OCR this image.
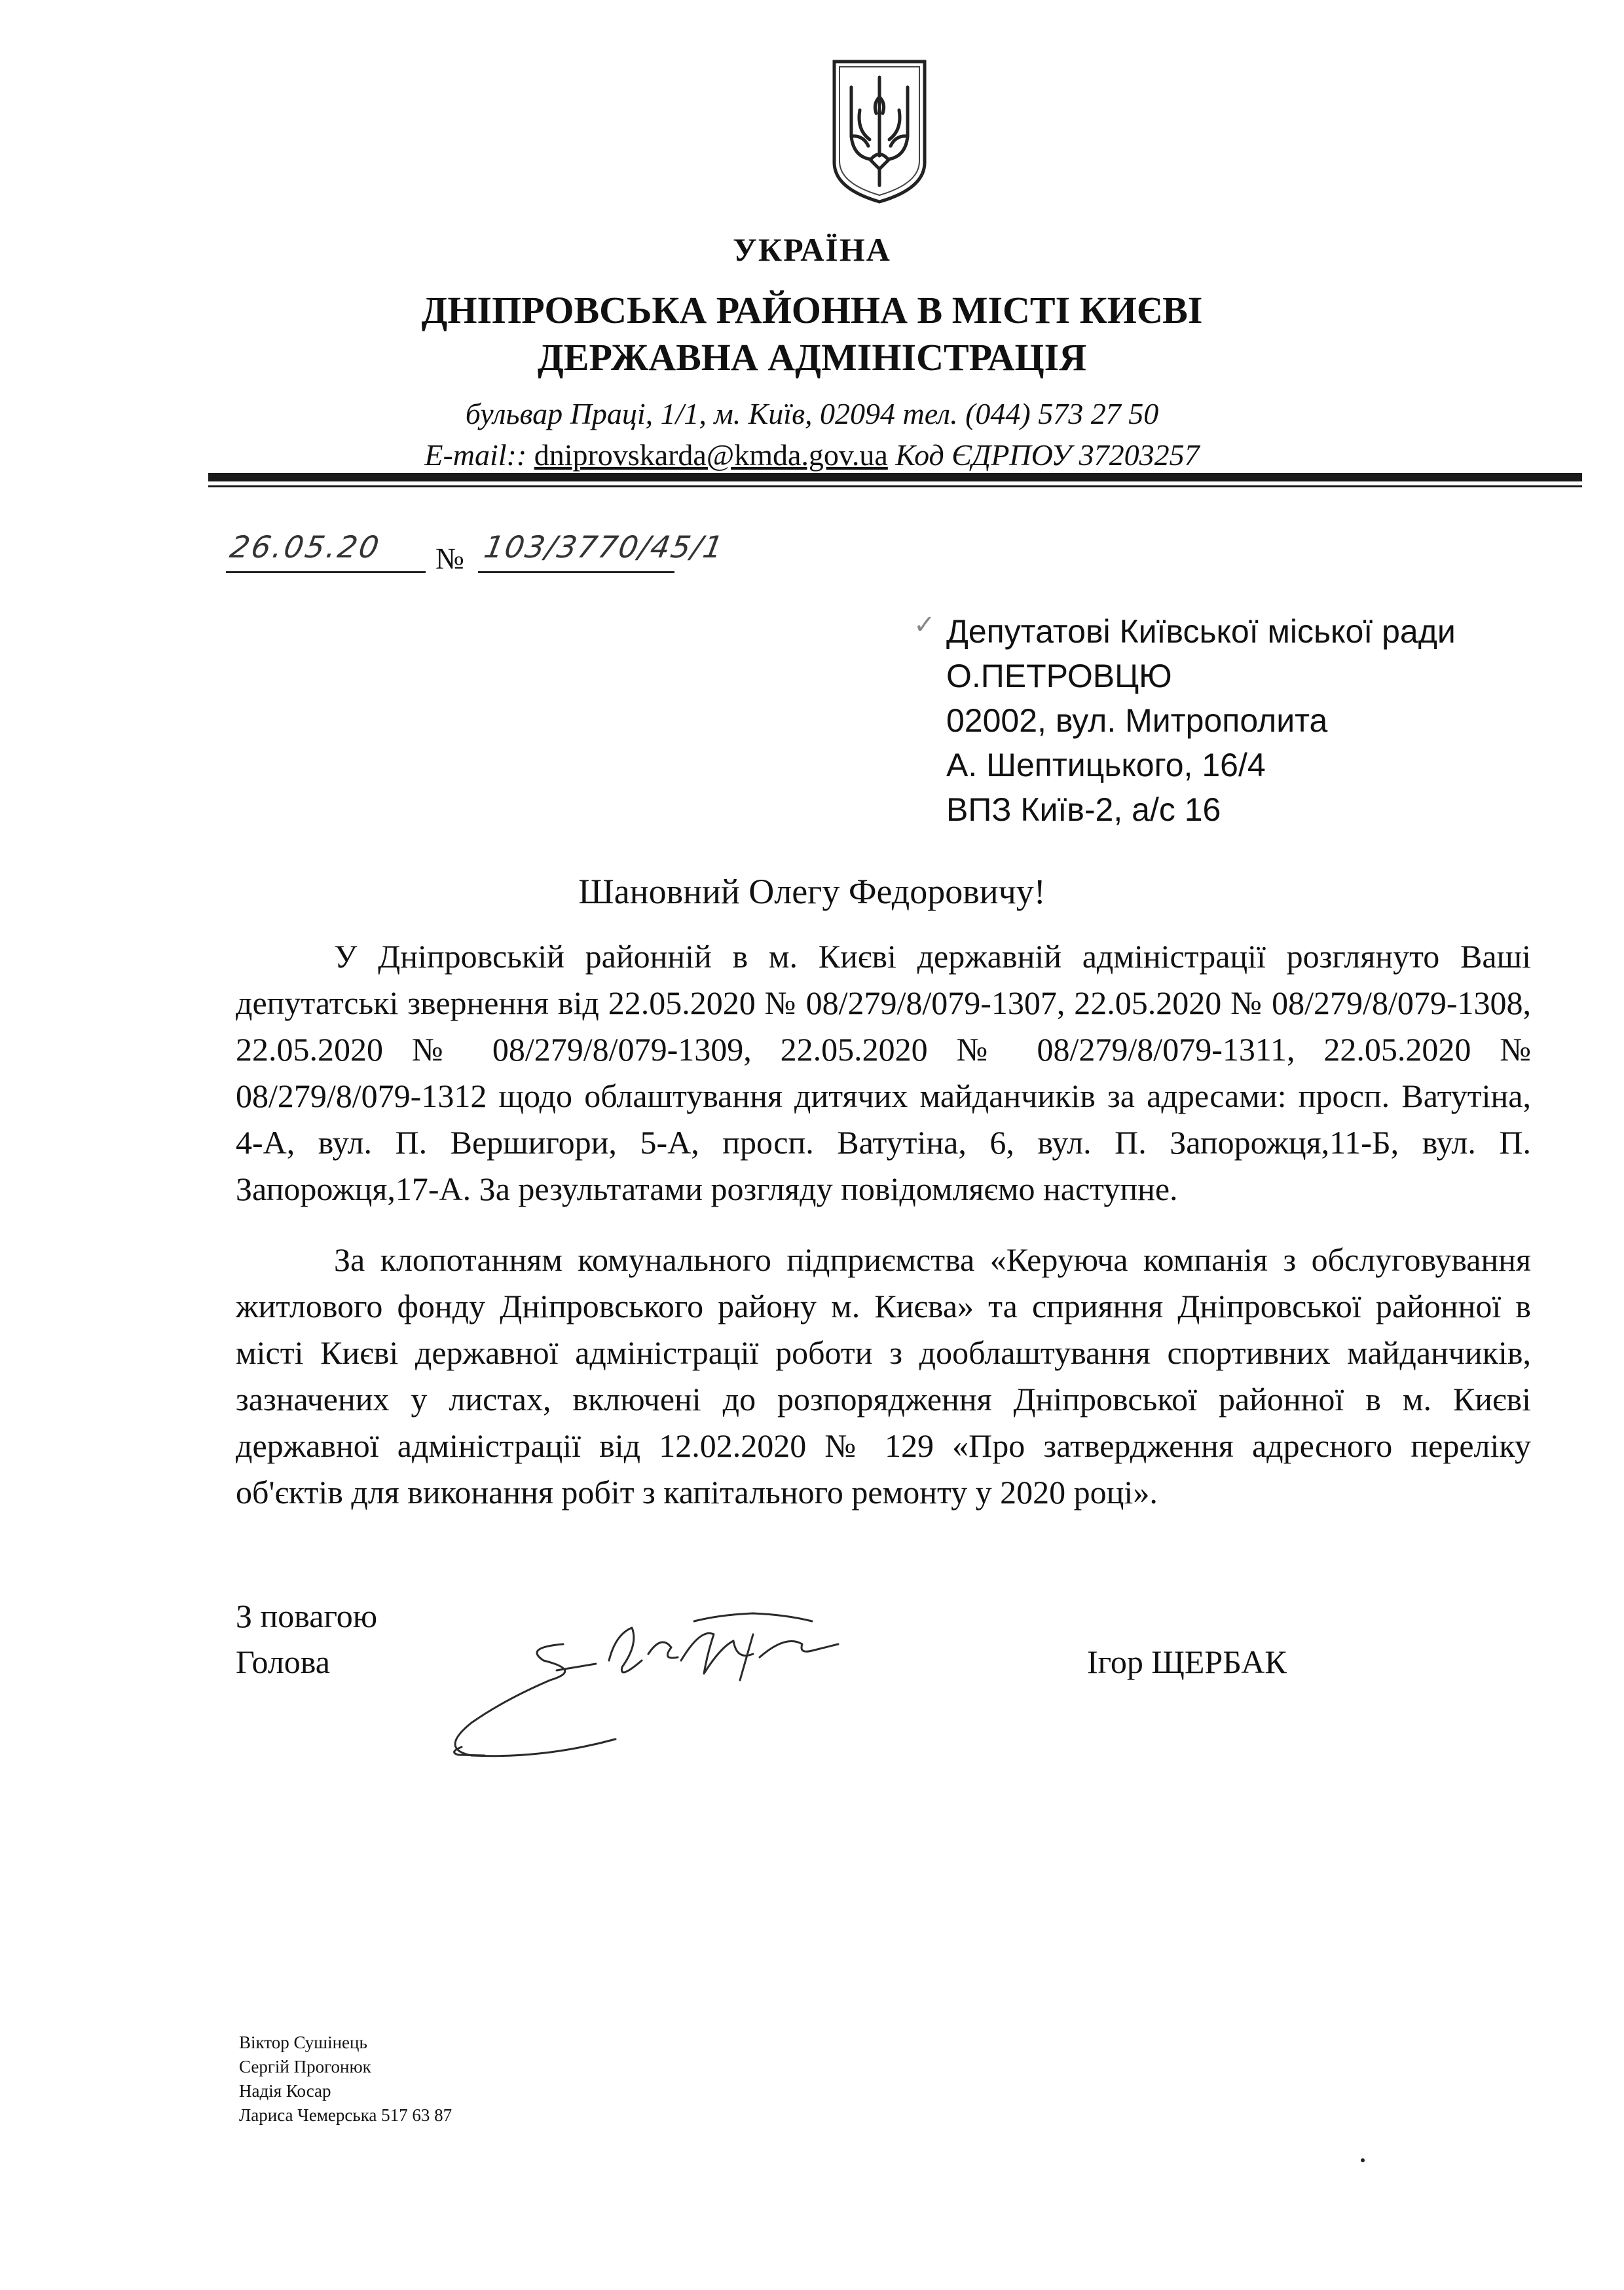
УКРАЇНА
ДНІПРОВСЬКА РАЙОННА В МІСТІ КИЄВІ
ДЕРЖАВНА АДМІНІСТРАЦІЯ
бульвар Праці, 1/1, м. Київ, 02094 тел. (044) 573 27 50
E-mail:: dniprovskarda@kmda.gov.ua Код ЄДРПОУ 37203257
26.05.20	№ 103/3770/45/1
✓ Депутатові Київської міської ради
О.ПЕТРОВЦЮ
02002, вул. Митрополита
А. Шептицького, 16/4
ВПЗ Київ-2, а/с 16
Шановний Олегу Федоровичу!
У Дніпровській районній в м. Києві державній адміністрації розглянуто Ваші депутатські звернення від 22.05.2020 № 08/279/8/079-1307, 22.05.2020 № 08/279/8/079-1308, 22.05.2020 № 08/279/8/079-1309, 22.05.2020 № 08/279/8/079-1311, 22.05.2020 № 08/279/8/079-1312 щодо облаштування дитячих майданчиків за адресами: просп. Ватутіна, 4-А, вул. П. Вершигори, 5-А, просп. Ватутіна, 6, вул. П. Запорожця,11-Б, вул. П. Запорожця,17-А. За результатами розгляду повідомляємо наступне.
За клопотанням комунального підприємства «Керуюча компанія з обслуговування житлового фонду Дніпровського району м. Києва» та сприяння Дніпровської районної в місті Києві державної адміністрації роботи з дооблаштування спортивних майданчиків, зазначених у листах, включені до розпорядження Дніпровської районної в м. Києві державної адміністрації від 12.02.2020 № 129 «Про затвердження адресного переліку об'єктів для виконання робіт з капітального ремонту у 2020 році».
З повагою
Голова	Ігор ЩЕРБАК
Віктор Сушінець
Сергій Прогонюк
Надія Косар
Лариса Чемерська 517 63 87
